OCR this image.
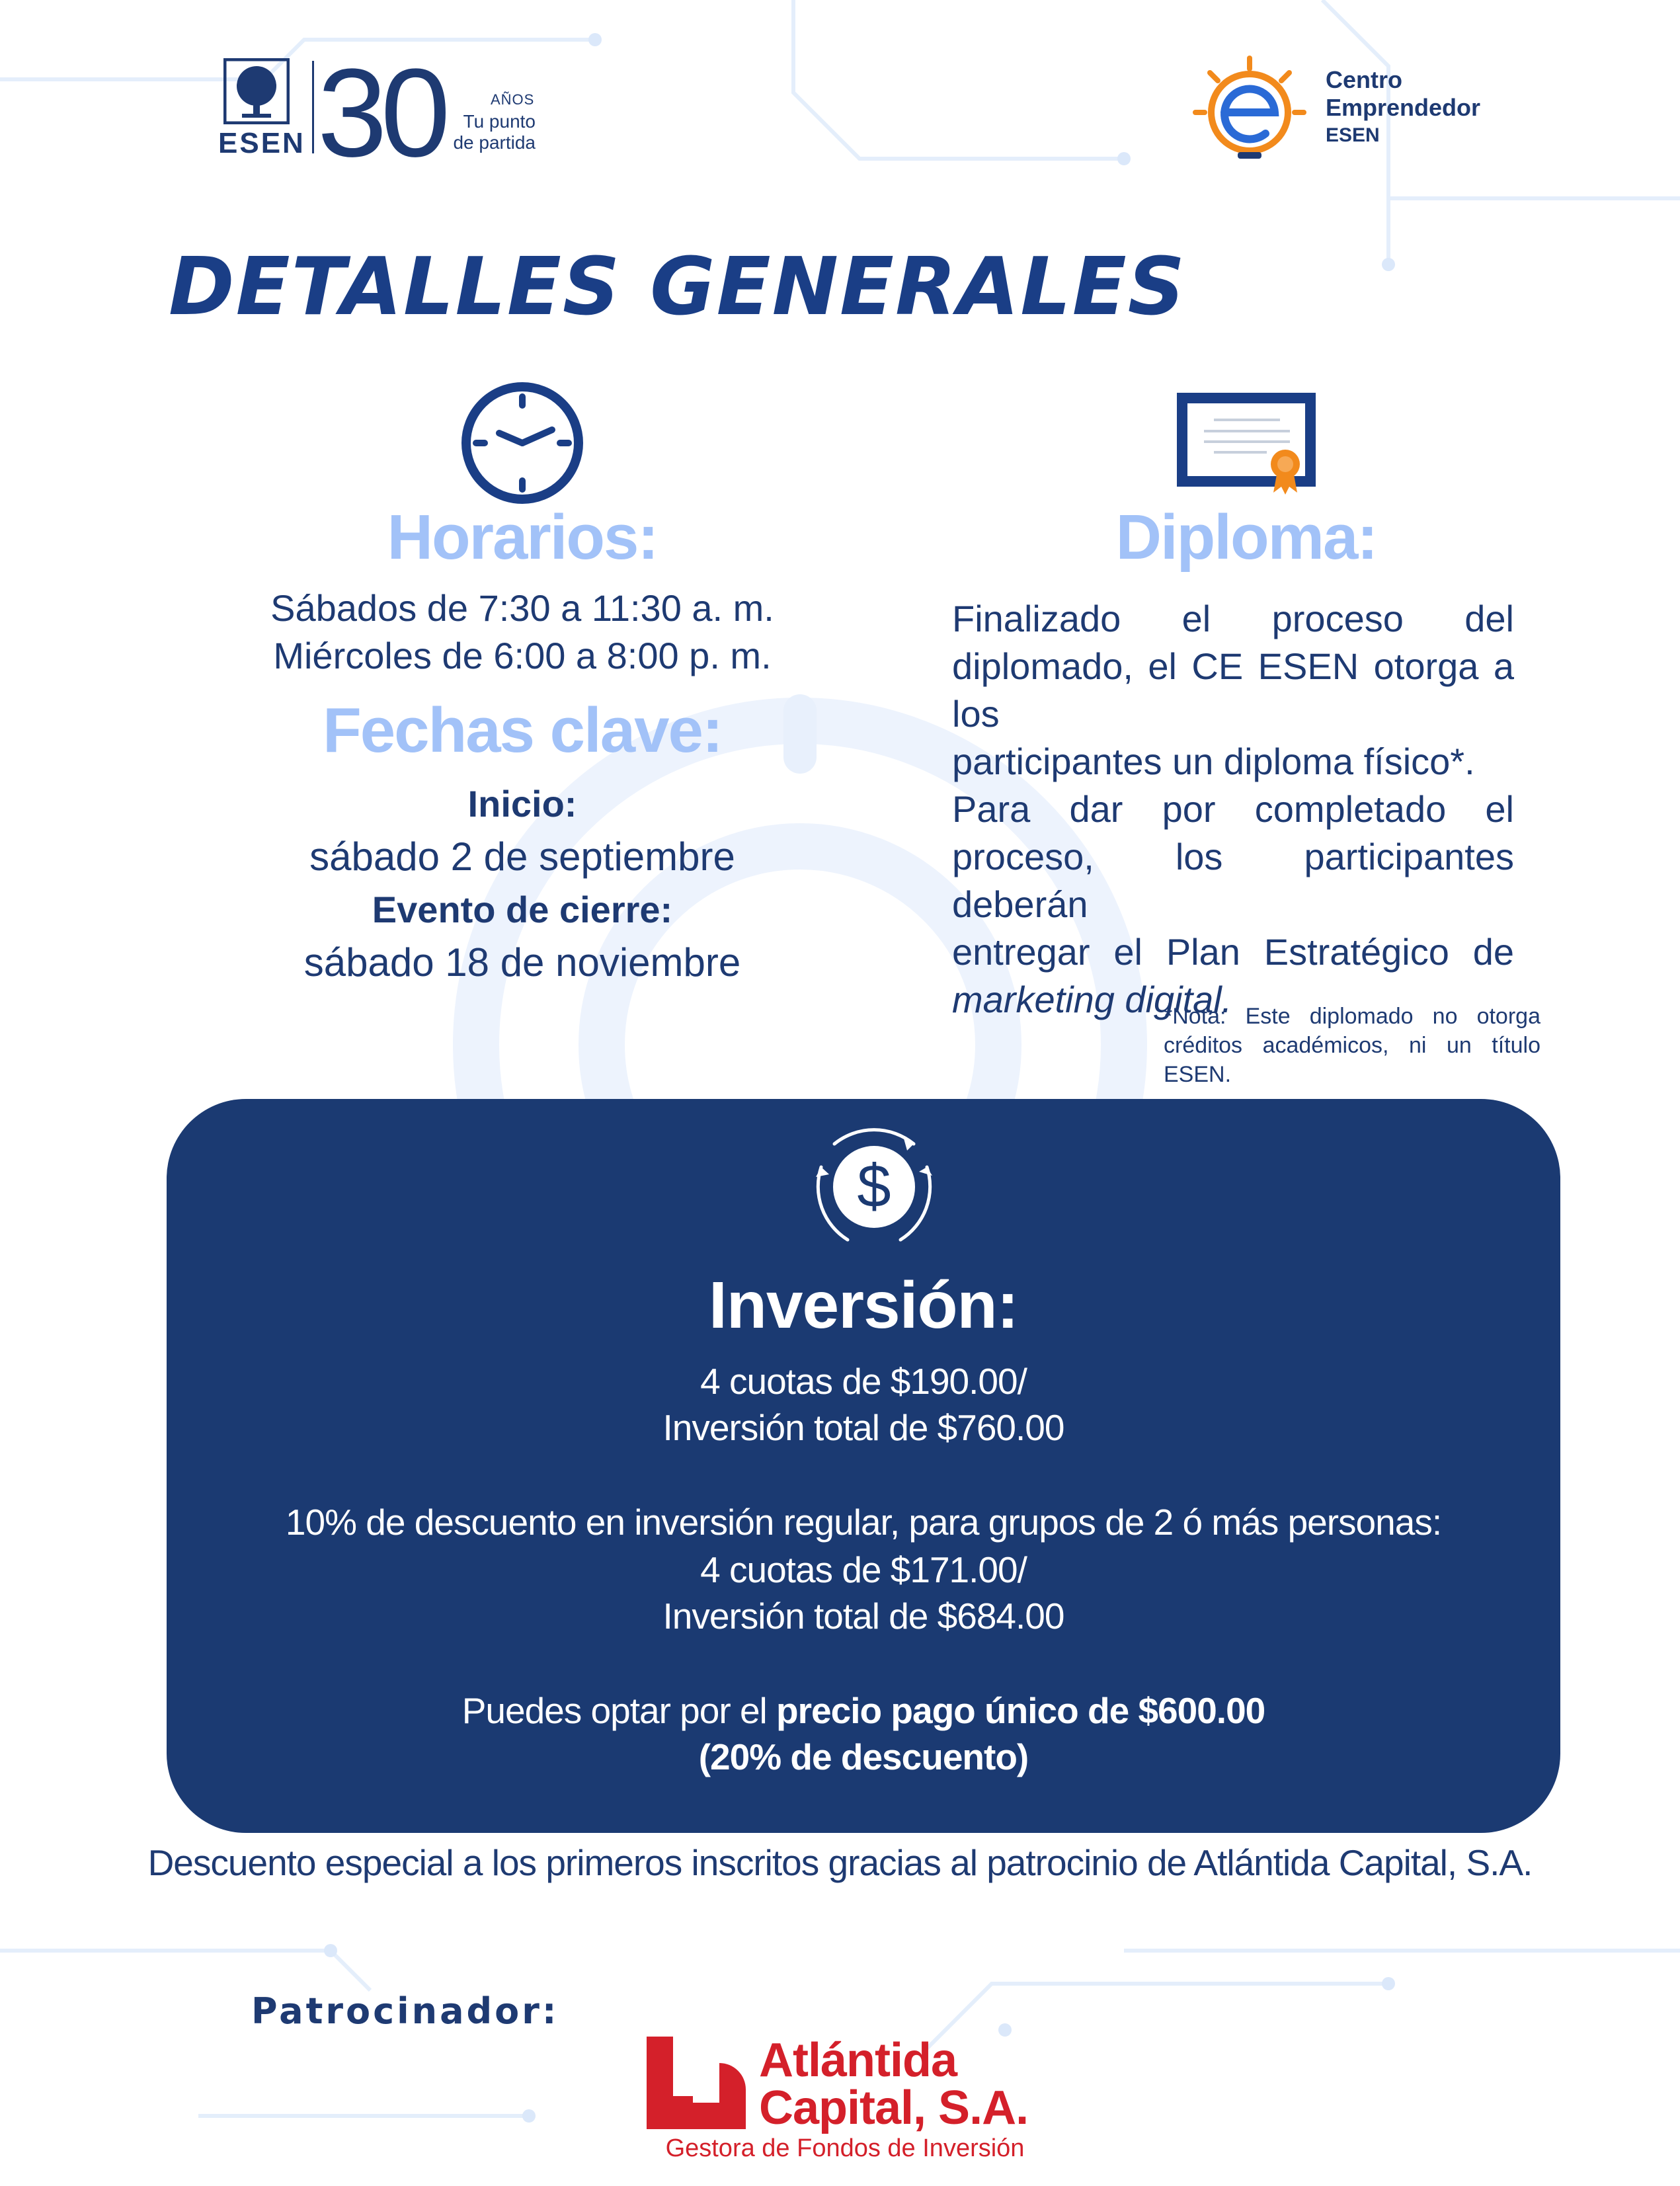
ESEN 30	AÑOS
Tu punto
de partida
Centro
Emprendedor
ESEN
DETALLES GENERALES
Horarios:
Sábados de 7:30 a 11:30 a. m.
Miércoles de 6:00 a 8:00 p. m.
Fechas clave:
Inicio:
sábado 2 de septiembre
Evento de cierre:
sábado 18 de noviembre
Diploma:
Finalizado el proceso del
diplomado, el CE ESEN otorga a los
participantes un diploma físico*.
Para dar por completado el
proceso, los participantes deberán
entregar el Plan Estratégico de
marketing digital.
*Nota: Este diplomado no otorga
créditos académicos, ni un título ESEN.
$
Inversión:
4 cuotas de $190.00/
Inversión total de $760.00
10% de descuento en inversión regular, para grupos de 2 ó más personas:
4 cuotas de $171.00/
Inversión total de $684.00
Puedes optar por el precio pago único de $600.00
(20% de descuento)
Descuento especial a los primeros inscritos gracias al patrocinio de Atlántida Capital, S.A.
Patrocinador:
Atlántida
Capital, S.A.
Gestora de Fondos de Inversión
